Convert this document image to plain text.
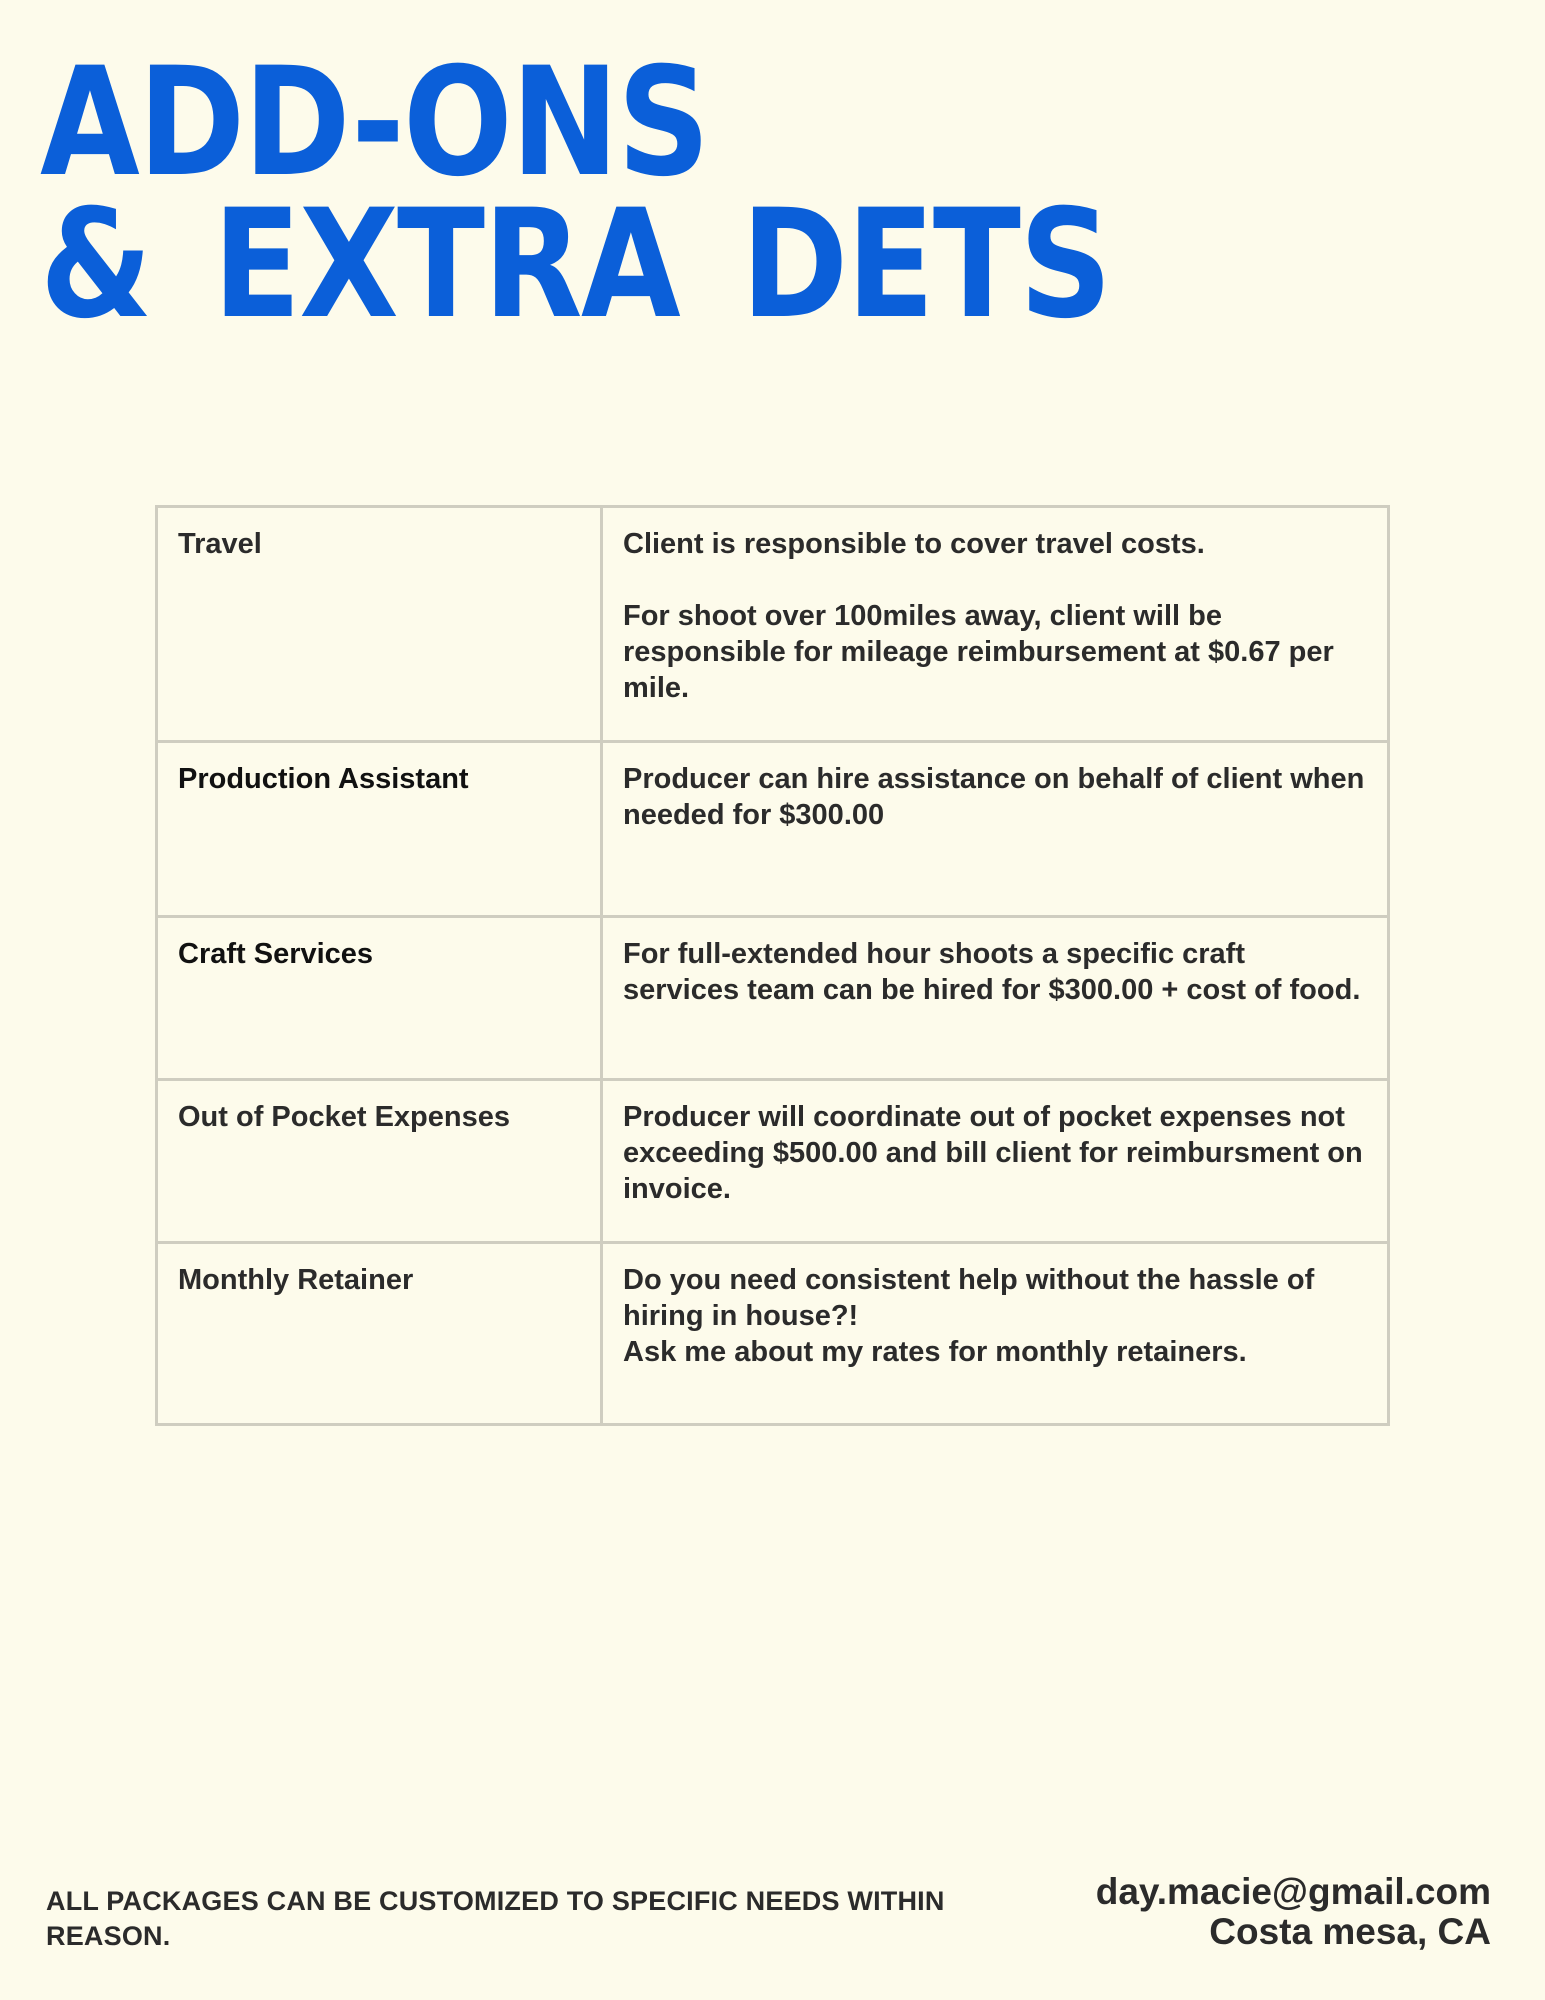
ADD-ONS
& EXTRA DETS
Travel	Client is responsible to cover travel costs.
For shoot over 100miles away, client will be responsible for mileage reimbursement at $0.67 per mile.

Production Assistant	Producer can hire assistance on behalf of client when needed for $300.00

Craft Services	For full-extended hour shoots a specific craft services team can be hired for $300.00 + cost of food.

Out of Pocket Expenses	Producer will coordinate out of pocket expenses not exceeding $500.00 and bill client for reimbursment on invoice.

Monthly Retainer	Do you need consistent help without the hassle of hiring in house?!
Ask me about my rates for monthly retainers.
ALL PACKAGES CAN BE CUSTOMIZED TO SPECIFIC NEEDS WITHIN REASON.
day.macie@gmail.com
Costa mesa, CA
